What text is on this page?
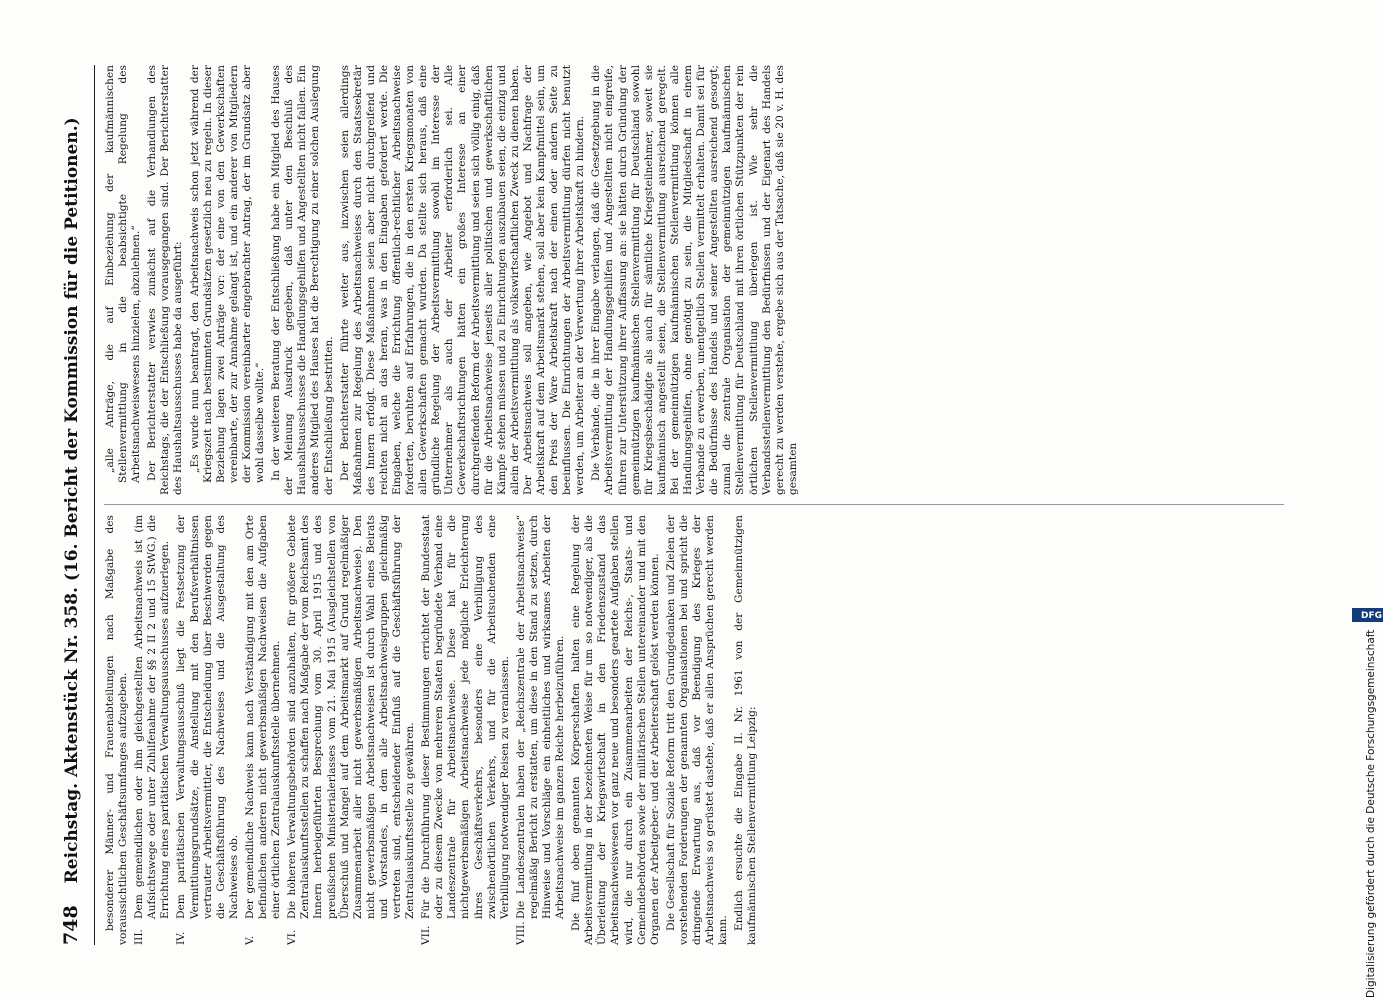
748
Reichstag. Aktenstück Nr. 358. (16. Bericht der Kommission für die Petitionen.) besonderer Männer- und Frauenabteilungen nach Maßgabe des voraussichtlichen Geschäftsumfanges aufzugeben. III.
Dem gemeindlichen oder ihm gleichgestellten Arbeitsnachweis ist (im Aufsichtswege oder unter Zuhilfenahme der §§ 2 II 2 und 15 StWG.) die Errichtung eines paritätischen Verwaltungsausschusses aufzuerlegen.

IV.
Dem paritätischen Verwaltungsausschuß liegt die Festsetzung der Vermittlungsgrundsätze, die Anstellung mit den Berufsverhältnissen vertrauter Arbeitsvermittler, die Entscheidung über Beschwerden gegen die Geschäftsführung des Nachweises und die Ausgestaltung des Nachweises ob.

V.
Der gemeindliche Nachweis kann nach Verständigung mit den am Orte befindlichen anderen nicht gewerbsmäßigen Nachweisen die Aufgaben einer örtlichen Zentralauskunftsstelle übernehmen.

VI.
Die höheren Verwaltungsbehörden sind anzuhalten, für größere Gebiete Zentralauskunftsstellen zu schaffen nach Maßgabe der vom Reichsamt des Innern herbeigeführten Besprechung vom 30. April 1915 und des preußischen Ministerialerlasses vom 21. Mai 1915 (Ausgleichstellen von Überschuß und Mangel auf dem Arbeitsmarkt auf Grund regelmäßiger Zusammenarbeit aller nicht gewerbsmäßigen Arbeitsnachweise). Den nicht gewerbsmäßigen Arbeitsnachweisen ist durch Wahl eines Beirats und Vorstandes, in dem alle Arbeitsnachweisgruppen gleichmäßig vertreten sind, entscheidender Einfluß auf die Geschäftsführung der Zentralauskunftsstelle zu gewähren.

VII.
Für die Durchführung dieser Bestimmungen errichtet der Bundesstaat oder zu diesem Zwecke von mehreren Staaten begründete Verband eine Landeszentrale für Arbeitsnachweise. Diese hat für die nichtgewerbsmäßigen Arbeitsnachweise jede mögliche Erleichterung ihres Geschäftsverkehrs, besonders eine Verbilligung des zwischenörtlichen Verkehrs, und für die Arbeitsuchenden eine Verbilligung notwendiger Reisen zu veranlassen.

VIII.
Die Landeszentralen haben der „Reichszentrale der Arbeitsnachweise“ regelmäßig Bericht zu erstatten, um diese in den Stand zu setzen, durch Hinweise und Vorschläge ein einheitliches und wirksames Arbeiten der Arbeitsnachweise im ganzen Reiche herbeizuführen. Die fünf oben genannten Körperschaften halten eine Regelung der Arbeitsvermittlung in der bezeichneten Weise für um so notwendiger, als die Überleitung der Kriegswirtschaft in den Friedenszustand das Arbeitsnachweiswesen vor ganz neue und besonders geartete Aufgaben stellen wird, die nur durch ein Zusammenarbeiten der Reichs-, Staats- und Gemeindebehörden sowie der militärischen Stellen untereinander und mit den Organen der Arbeitgeber- und der Arbeiterschaft gelöst werden können. Die Gesellschaft für Soziale Reform tritt den Grundgedanken und Zielen der vorstehenden Forderungen der genannten Organisationen bei und spricht die dringende Erwartung aus, daß vor Beendigung des Krieges der Arbeitsnachweis so gerüstet dastehe, daß er allen Ansprüchen gerecht werden kann. Endlich ersuchte die Eingabe II. Nr. 1961 von der Gemeinnützigen kaufmännischen Stellenvermittlung Leipzig:

„alle Anträge, die auf Einbeziehung der kaufmännischen Stellenvermittlung in die beabsichtigte Regelung des Arbeitsnachweiswesens hinzielen, abzulehnen.“ Der Berichterstatter verwies zunächst auf die Verhandlungen des Reichstags, die der Entschließung vorausgegangen sind. Der Berichterstatter des Haushaltsausschusses habe da ausgeführt: „Es wurde nun beantragt, den Arbeitsnachweis schon jetzt während der Kriegszeit nach bestimmten Grundsätzen gesetzlich neu zu regeln. In dieser Beziehung lagen zwei Anträge vor: der eine von den Gewerkschaften vereinbarte, der zur Annahme gelangt ist, und ein anderer von Mitgliedern der Kommission vereinbarter eingebrachter Antrag, der im Grundsatz aber wohl dasselbe wollte.“ In der weiteren Beratung der Entschließung habe ein Mitglied des Hauses der Meinung Ausdruck gegeben, daß unter den Beschluß des Haushaltsausschusses die Handlungsgehilfen und Angestellten nicht fallen. Ein anderes Mitglied des Hauses hat die Berechtigung zu einer solchen Auslegung der Entschließung bestritten. Der Berichterstatter führte weiter aus, inzwischen seien allerdings Maßnahmen zur Regelung des Arbeitsnachweises durch den Staatssekretär des Innern erfolgt. Diese Maßnahmen seien aber nicht durchgreifend und reichten nicht an das heran, was in den Eingaben gefordert werde. Die Eingaben, welche die Errichtung öffentlich-rechtlicher Arbeitsnachweise forderten, beruhten auf Erfahrungen, die in den ersten Kriegsmonaten von allen Gewerkschaften gemacht wurden. Da stellte sich heraus, daß eine gründliche Regelung der Arbeitsvermittlung sowohl im Interesse der Unternehmer als auch der Arbeiter erforderlich sei. Alle Gewerkschaftsrichtungen hätten ein großes Interesse an einer durchgreifenden Reform der Arbeitsvermittlung und seien sich völlig einig, daß für die Arbeitsnachweise jenseits aller politischen und gewerkschaftlichen Kämpfe stehen müssen und zu Einrichtungen auszubauen seien, die einzig und allein der Arbeitsvermittlung als volkswirtschaftlichen Zweck zu dienen haben. Der Arbeitsnachweis soll angeben, wie Angebot und Nachfrage der Arbeitskraft auf dem Arbeitsmarkt stehen, soll aber kein Kampfmittel sein, um den Preis der Ware Arbeitskraft nach der einen oder andern Seite zu beeinflussen. Die Einrichtungen der Arbeitsvermittlung dürfen nicht benutzt werden, um Arbeiter an der Verwertung ihrer Arbeitskraft zu hindern. Die Verbände, die in ihrer Eingabe verlangen, daß die Gesetzgebung in die Arbeitsvermittlung der Handlungsgehilfen und Angestellten nicht eingreife, führen zur Unterstützung ihrer Auffassung an: sie hätten durch Gründung der gemeinnützigen kaufmännischen Stellenvermittlung für Deutschland sowohl für Kriegsbeschädigte als auch für sämtliche Kriegsteilnehmer, soweit sie kaufmännisch angestellt seien, die Stellenvermittlung ausreichend geregelt. Bei der gemeinnützigen kaufmännischen Stellenvermittlung können alle Handlungsgehilfen, ohne genötigt zu sein, die Mitgliedschaft in einem Verbande zu erwerben, unentgeltlich Stellen vermittelt erhalten. Damit sei für die Bedürfnisse des Handels und seiner Angestellten ausreichend gesorgt; zumal die zentrale Organisation der gemeinnützigen kaufmännischen Stellenvermittlung für Deutschland mit ihren örtlichen Stützpunkten der rein örtlichen Stellenvermittlung überlegen ist. Wie sehr die Verbandsstellenvermittlung den Bedürfnissen und der Eigenart des Handels gerecht zu werden verstehe, ergebe sich aus der Tatsache, daß sie 20 v. H. des gesamten

Digitalisierung gefördert durch die Deutsche Forschungsgemeinschaft
DFG
